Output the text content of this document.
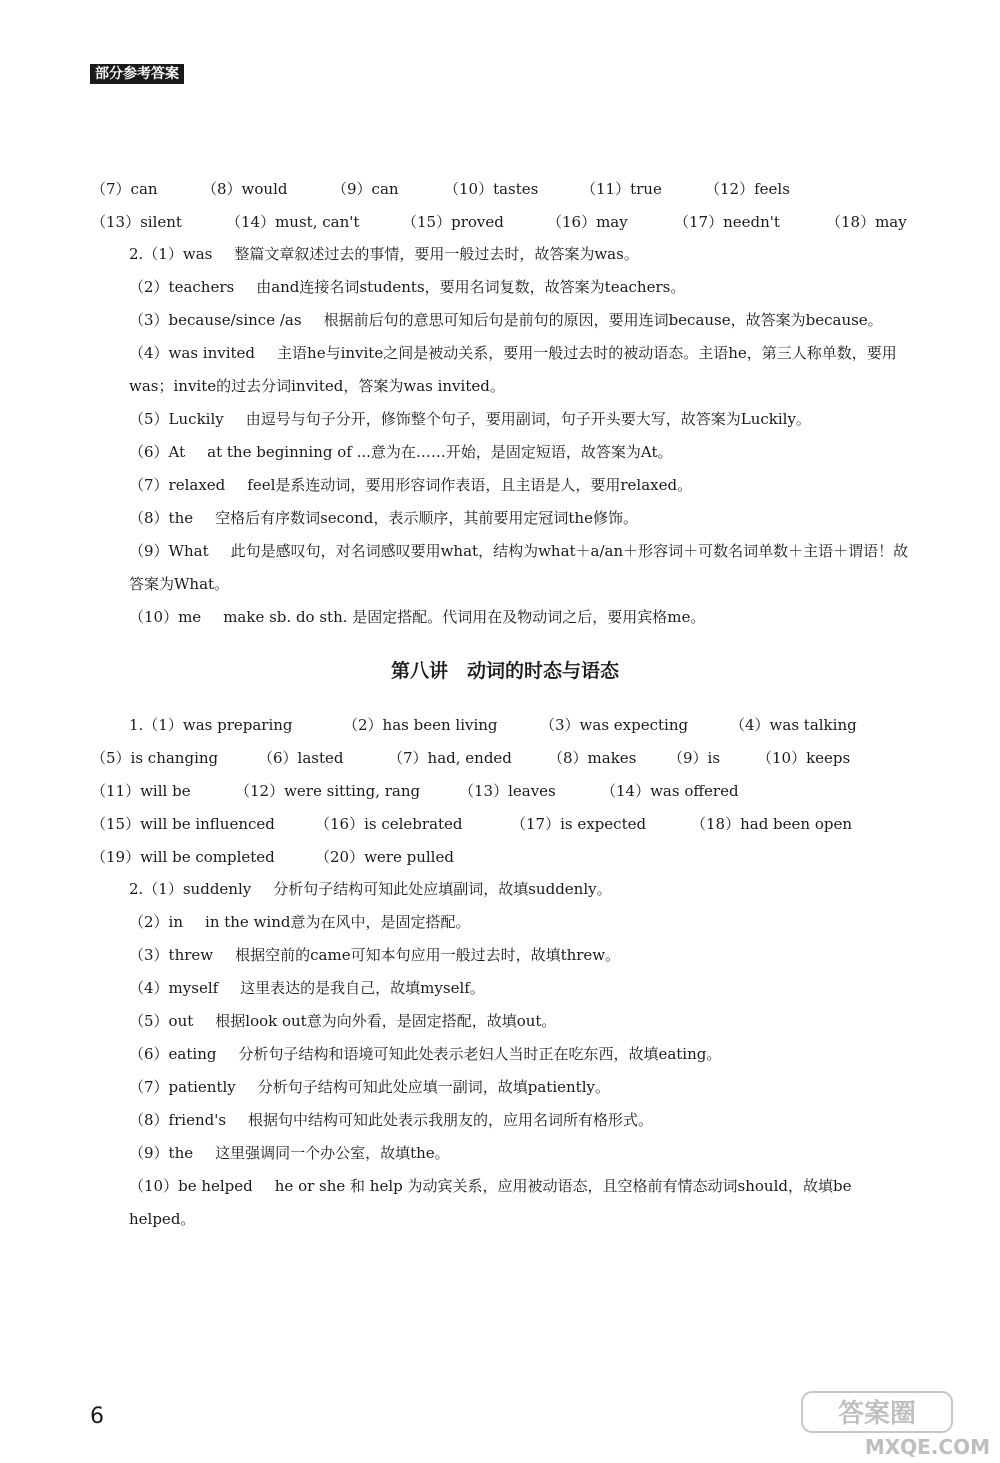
部分参考答案
（7）can	（8）would	（9）can	（10）tastes	（11）true	（12）feels
（13）silent	（14）must, can't	（15）proved	（16）may	（17）needn't	（18）may

2.（1）was 整篇文章叙述过去的事情，要用一般过去时，故答案为was。

（2）teachers 由and连接名词students，要用名词复数，故答案为teachers。

（3）because/since /as 根据前后句的意思可知后句是前句的原因，要用连词because，故答案为because。

（4）was invited 主语he与invite之间是被动关系，要用一般过去时的被动语态。主语he，第三人称单数，要用was；invite的过去分词invited，答案为was invited。

（5）Luckily 由逗号与句子分开，修饰整个句子，要用副词，句子开头要大写，故答案为Luckily。

（6）At at the beginning of ...意为在……开始，是固定短语，故答案为At。

（7）relaxed feel是系连动词，要用形容词作表语，且主语是人，要用relaxed。

（8）the 空格后有序数词second，表示顺序，其前要用定冠词the修饰。

（9）What 此句是感叹句，对名词感叹要用what，结构为what＋a/an＋形容词＋可数名词单数＋主语＋谓语！故答案为What。

（10）me make sb. do sth. 是固定搭配。代词用在及物动词之后，要用宾格me。

第八讲　动词的时态与语态
1.（1）was preparing	（2）has been living	（3）was expecting	（4）was talking
（5）is changing	（6）lasted	（7）had, ended	（8）makes	（9）is	（10）keeps
（11）will be	（12）were sitting, rang	（13）leaves	（14）was offered
（15）will be influenced	（16）is celebrated	（17）is expected	（18）had been open
（19）will be completed	（20）were pulled

2.（1）suddenly 分析句子结构可知此处应填副词，故填suddenly。

（2）in in the wind意为在风中，是固定搭配。

（3）threw 根据空前的came可知本句应用一般过去时，故填threw。

（4）myself 这里表达的是我自己，故填myself。

（5）out 根据look out意为向外看，是固定搭配，故填out。

（6）eating 分析句子结构和语境可知此处表示老妇人当时正在吃东西，故填eating。

（7）patiently 分析句子结构可知此处应填一副词，故填patiently。

（8）friend's 根据句中结构可知此处表示我朋友的，应用名词所有格形式。

（9）the 这里强调同一个办公室，故填the。

（10）be helped he or she 和 help 为动宾关系，应用被动语态，且空格前有情态动词should，故填be helped。

6	答案圈
MXQE.COM
